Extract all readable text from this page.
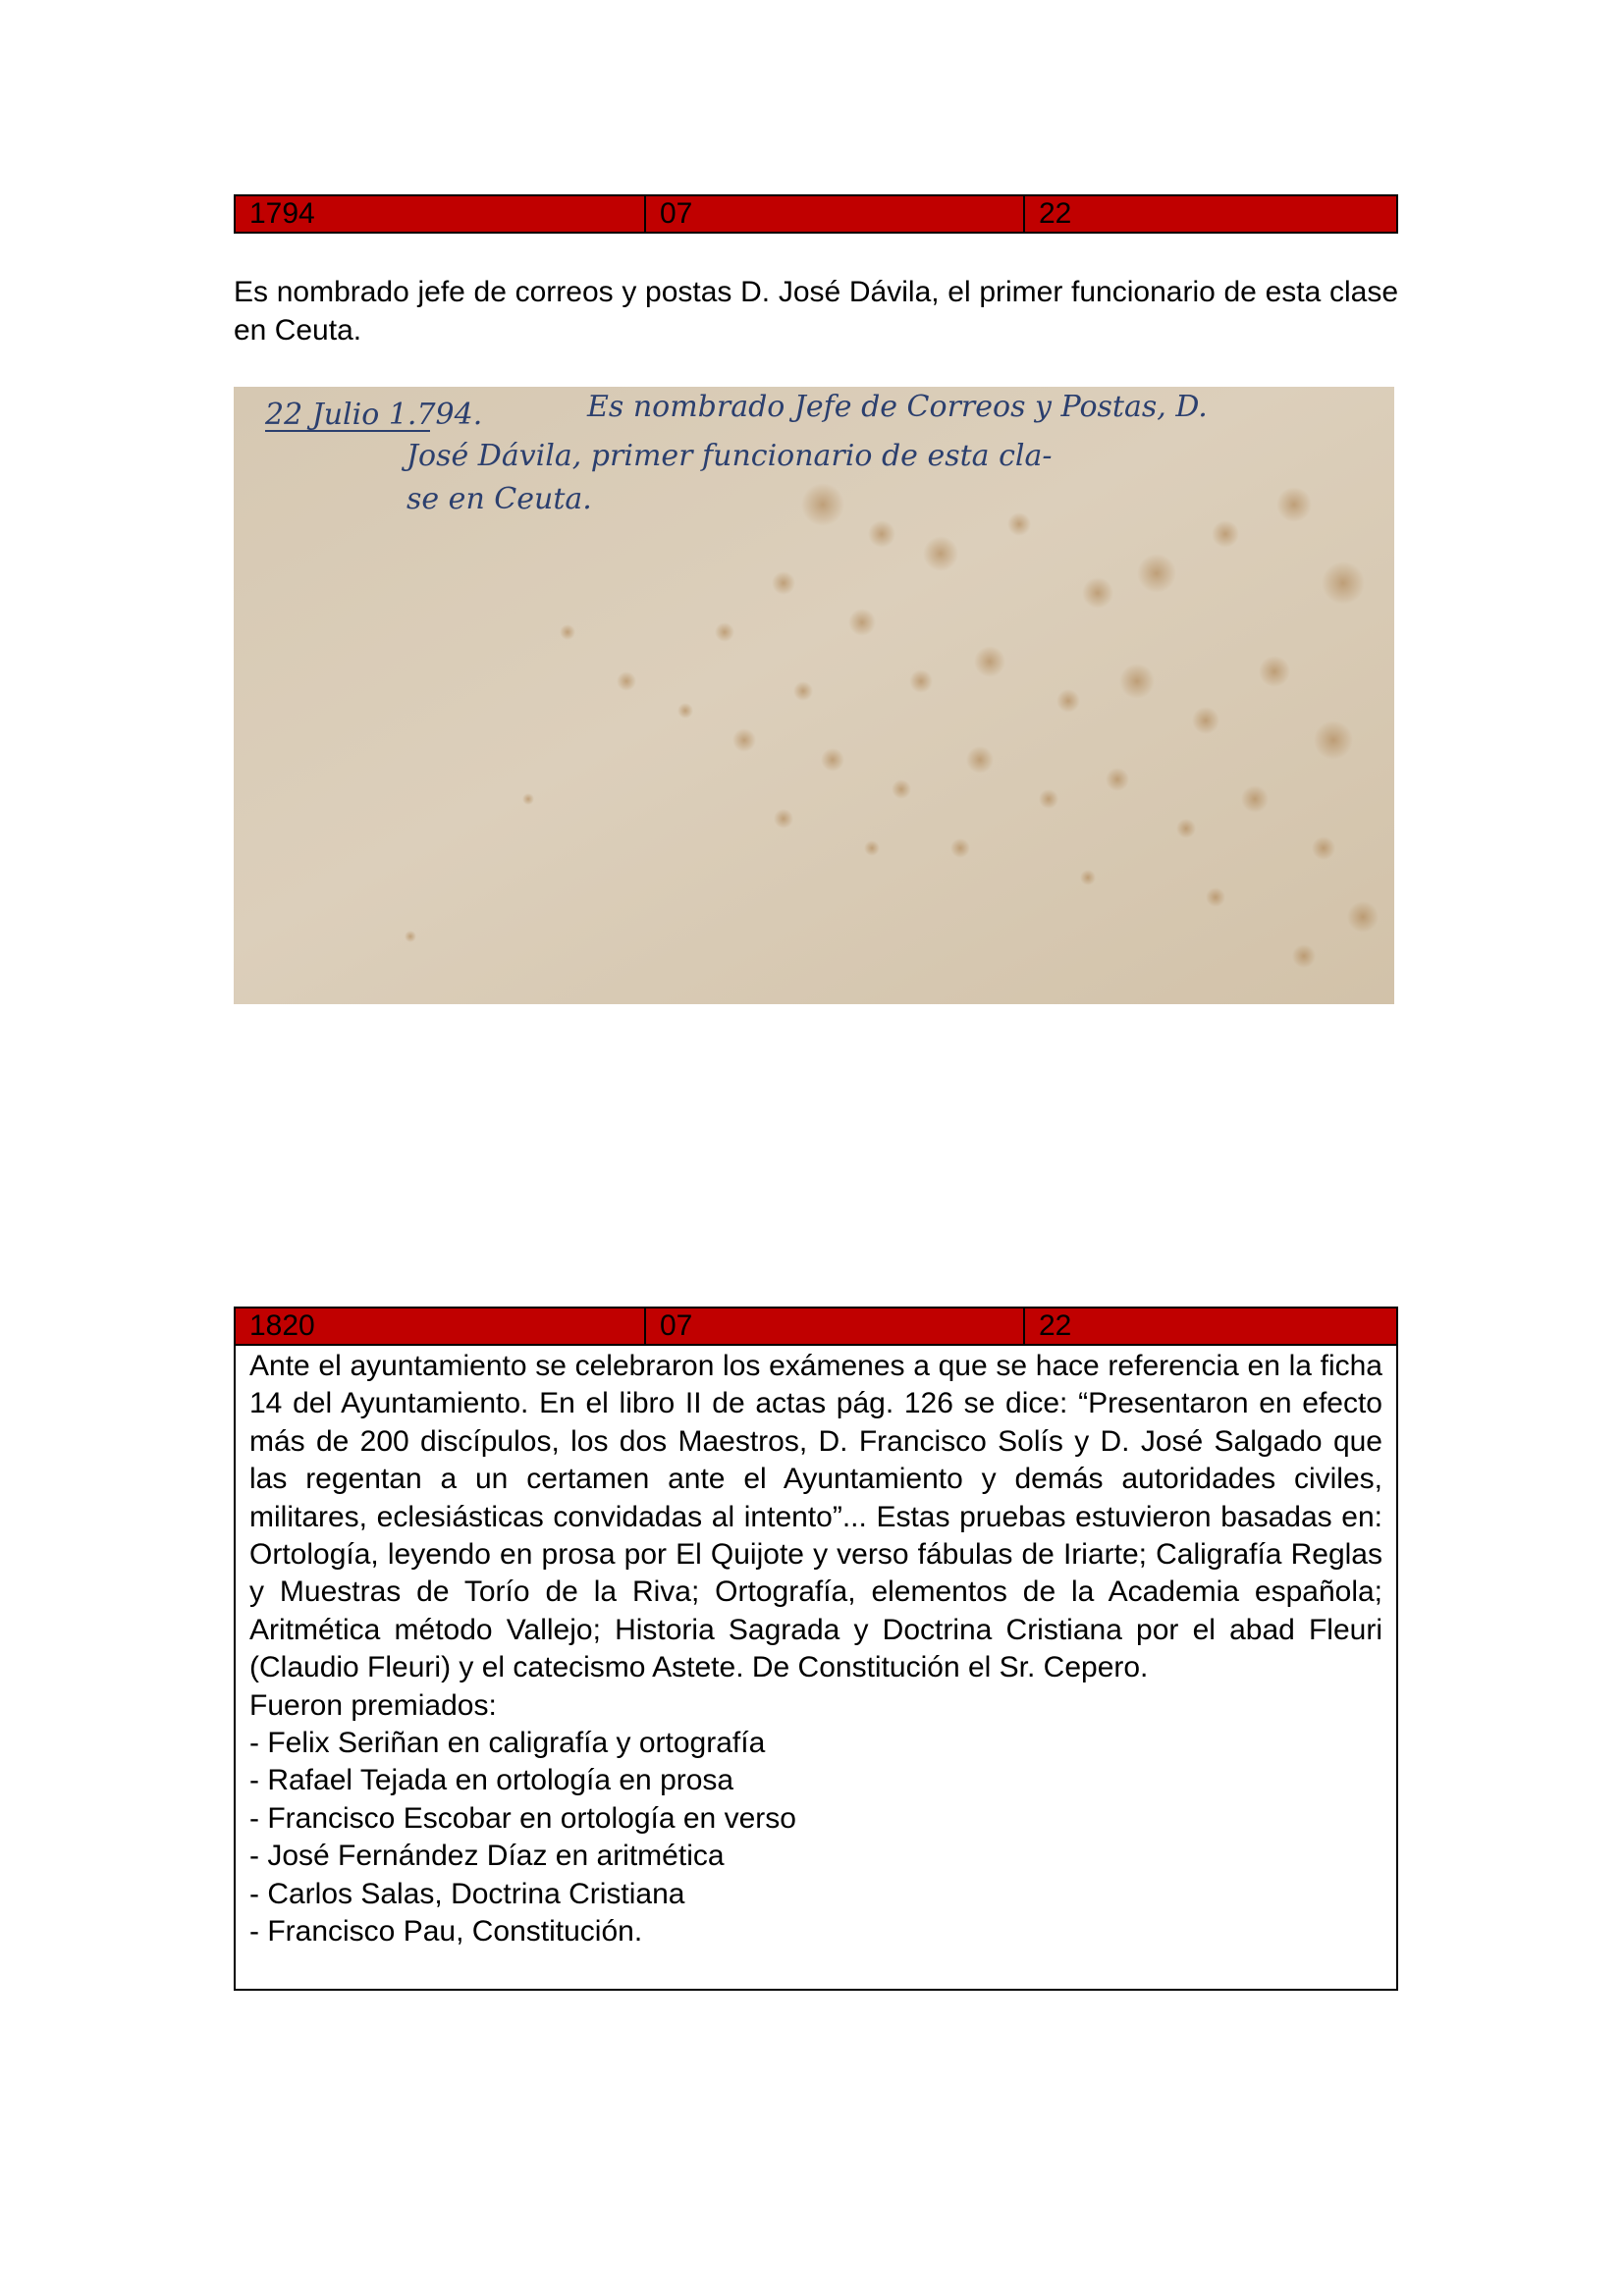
1794	07	22

Es nombrado jefe de correos y postas D. José Dávila, el primer funcionario de esta clase en Ceuta.

22 Julio 1.794.	Es nombrado Jefe de Correos y Postas, D.
José Dávila, primer funcionario de esta cla-
se en Ceuta.
1820	07	22

Ante el ayuntamiento se celebraron los exámenes a que se hace referencia en la ficha 14 del Ayuntamiento. En el libro II de actas pág. 126 se dice: “Presentaron en efecto más de 200 discípulos, los dos Maestros, D. Francisco Solís y D. José Salgado que las regentan a un certamen ante el Ayuntamiento y demás autoridades civiles, militares, eclesiásticas convidadas al intento”... Estas pruebas estuvieron basadas en: Ortología, leyendo en prosa por El Quijote y verso fábulas de Iriarte; Caligrafía Reglas y Muestras de Torío de la Riva; Ortografía, elementos de la Academia española; Aritmética método Vallejo; Historia Sagrada y Doctrina Cristiana por el abad Fleuri (Claudio Fleuri) y el catecismo Astete. De Constitución el Sr. Cepero.

Fueron premiados:
- Felix Seriñan en caligrafía y ortografía
- Rafael Tejada en ortología en prosa
- Francisco Escobar en ortología en verso
- José Fernández Díaz en aritmética
- Carlos Salas, Doctrina Cristiana
- Francisco Pau, Constitución.
